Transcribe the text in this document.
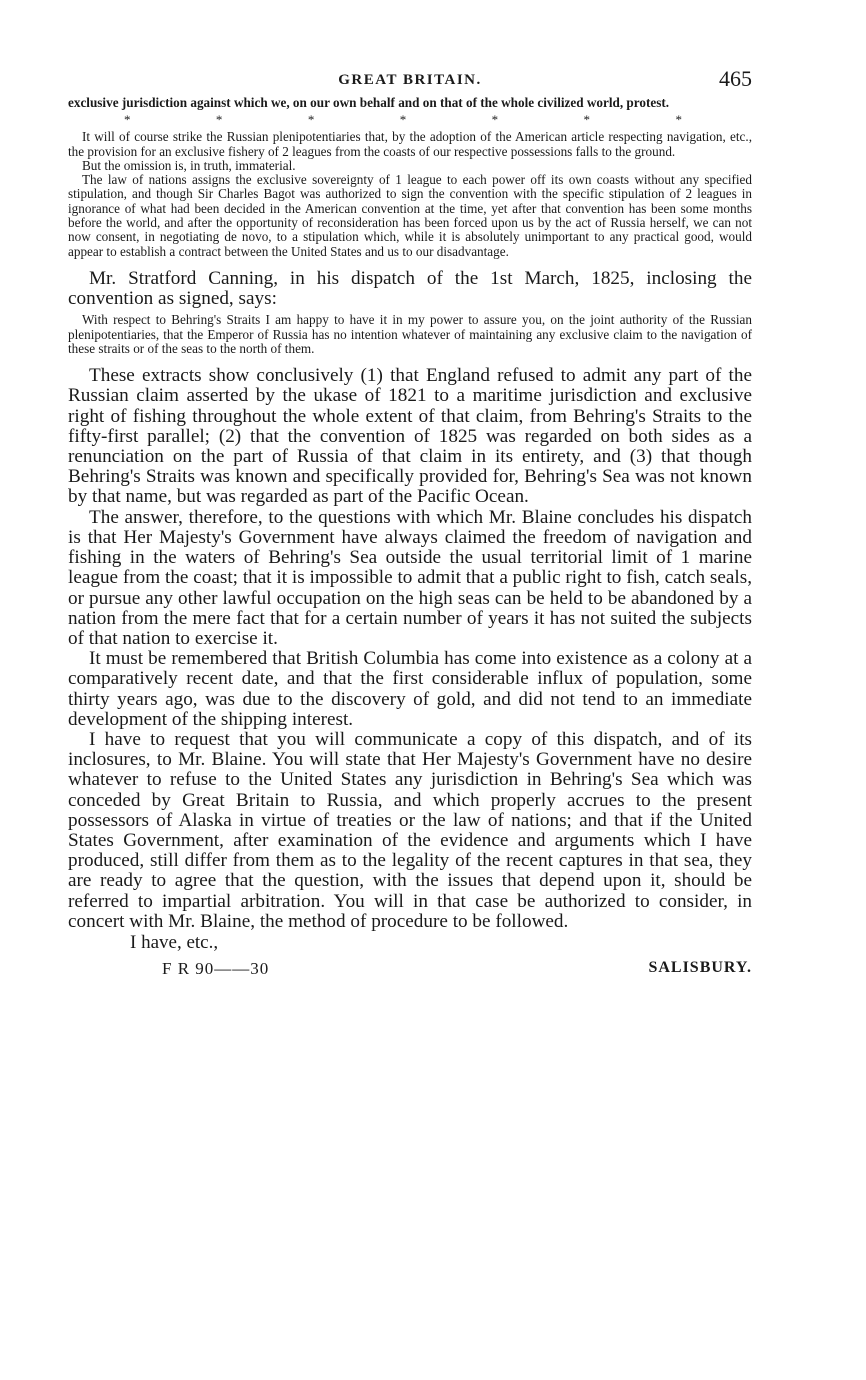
GREAT BRITAIN.	465

exclusive jurisdiction against which we, on our own behalf and on that of the whole civilized world, protest.

*	*	*	*	*	*	*

It will of course strike the Russian plenipotentiaries that, by the adoption of the American article respecting navigation, etc., the provision for an exclusive fishery of 2 leagues from the coasts of our respective possessions falls to the ground.

But the omission is, in truth, immaterial.

The law of nations assigns the exclusive sovereignty of 1 league to each power off its own coasts without any specified stipulation, and though Sir Charles Bagot was authorized to sign the convention with the specific stipulation of 2 leagues in ignorance of what had been decided in the American convention at the time, yet after that convention has been some months before the world, and after the opportunity of reconsideration has been forced upon us by the act of Russia herself, we can not now consent, in negotiating de novo, to a stipulation which, while it is absolutely unimportant to any practical good, would appear to establish a contract between the United States and us to our disadvantage.

Mr. Stratford Canning, in his dispatch of the 1st March, 1825, inclosing the convention as signed, says:

With respect to Behring's Straits I am happy to have it in my power to assure you, on the joint authority of the Russian plenipotentiaries, that the Emperor of Russia has no intention whatever of maintaining any exclusive claim to the navigation of these straits or of the seas to the north of them.

These extracts show conclusively (1) that England refused to admit any part of the Russian claim asserted by the ukase of 1821 to a maritime jurisdiction and exclusive right of fishing throughout the whole extent of that claim, from Behring's Straits to the fifty-first parallel; (2) that the convention of 1825 was regarded on both sides as a renunciation on the part of Russia of that claim in its entirety, and (3) that though Behring's Straits was known and specifically provided for, Behring's Sea was not known by that name, but was regarded as part of the Pacific Ocean.

The answer, therefore, to the questions with which Mr. Blaine concludes his dispatch is that Her Majesty's Government have always claimed the freedom of navigation and fishing in the waters of Behring's Sea outside the usual territorial limit of 1 marine league from the coast; that it is impossible to admit that a public right to fish, catch seals, or pursue any other lawful occupation on the high seas can be held to be abandoned by a nation from the mere fact that for a certain number of years it has not suited the subjects of that nation to exercise it.

It must be remembered that British Columbia has come into existence as a colony at a comparatively recent date, and that the first considerable influx of population, some thirty years ago, was due to the discovery of gold, and did not tend to an immediate development of the shipping interest.

I have to request that you will communicate a copy of this dispatch, and of its inclosures, to Mr. Blaine. You will state that Her Majesty's Government have no desire whatever to refuse to the United States any jurisdiction in Behring's Sea which was conceded by Great Britain to Russia, and which properly accrues to the present possessors of Alaska in virtue of treaties or the law of nations; and that if the United States Government, after examination of the evidence and arguments which I have produced, still differ from them as to the legality of the recent captures in that sea, they are ready to agree that the question, with the issues that depend upon it, should be referred to impartial arbitration. You will in that case be authorized to consider, in concert with Mr. Blaine, the method of procedure to be followed.

I have, etc.,

F R 90——30	SALISBURY.
